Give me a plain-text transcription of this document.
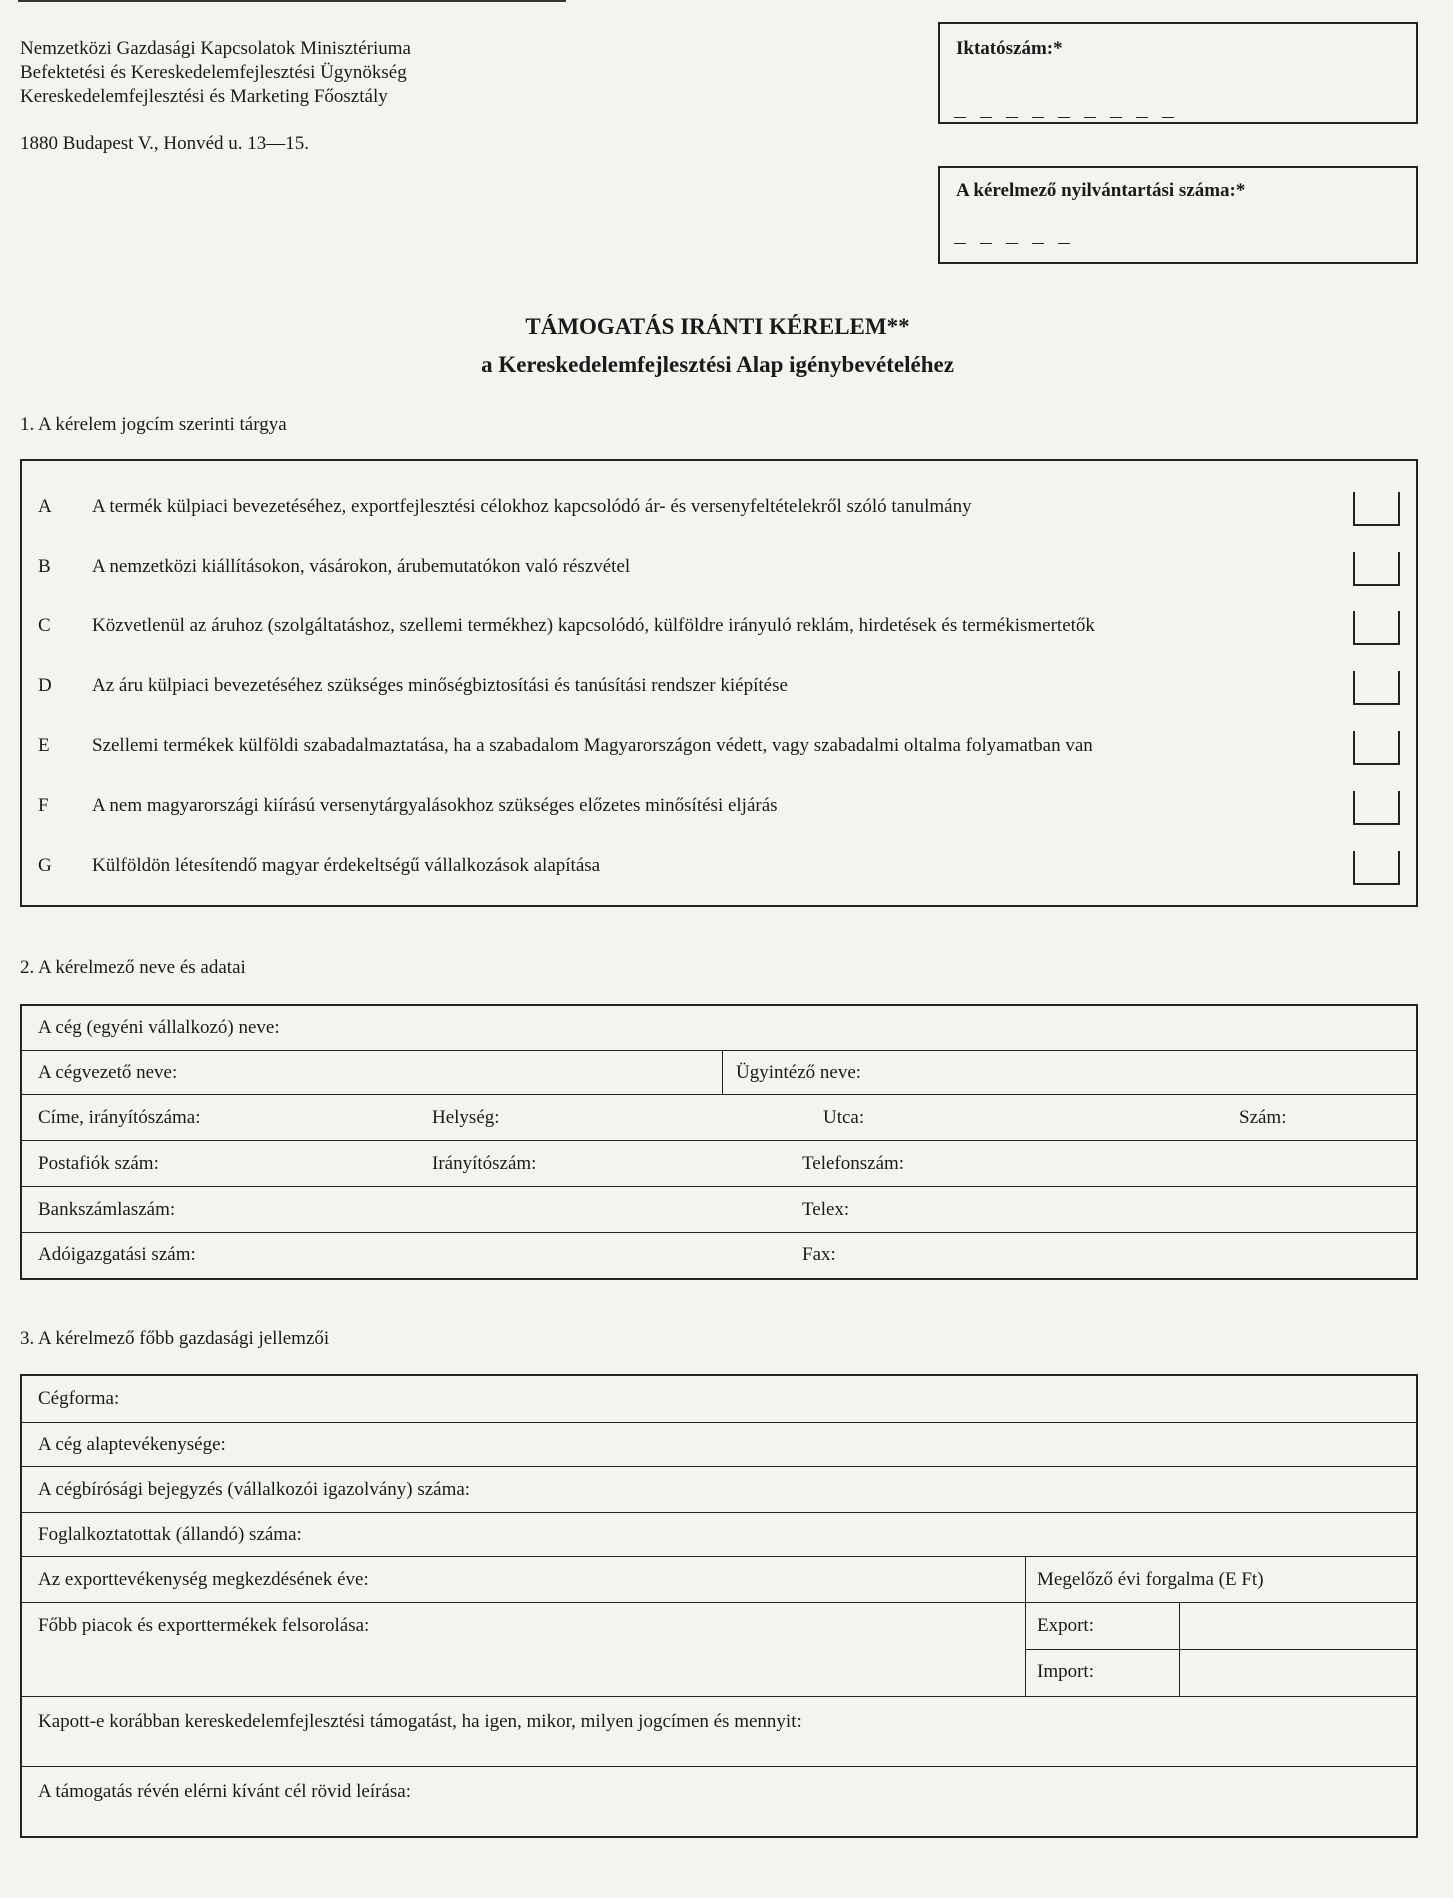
Nemzetközi Gazdasági Kapcsolatok Minisztériuma
Befektetési és Kereskedelemfejlesztési Ügynökség
Kereskedelemfejlesztési és Marketing Főosztály
1880 Budapest V., Honvéd u. 13—15.
Iktatószám:*
_ _ _ _ _ _ _ _ _
A kérelmező nyilvántartási száma:*
_ _ _ _ _
TÁMOGATÁS IRÁNTI KÉRELEM**
a Kereskedelemfejlesztési Alap igénybevételéhez
1. A kérelem jogcím szerinti tárgya
A A termék külpiaci bevezetéséhez, exportfejlesztési célokhoz kapcsolódó ár- és versenyfeltételekről szóló tanulmány
B A nemzetközi kiállításokon, vásárokon, árubemutatókon való részvétel
C Közvetlenül az áruhoz (szolgáltatáshoz, szellemi termékhez) kapcsolódó, külföldre irányuló reklám, hirdetések és termékismertetők
D Az áru külpiaci bevezetéséhez szükséges minőségbiztosítási és tanúsítási rendszer kiépítése
E Szellemi termékek külföldi szabadalmaztatása, ha a szabadalom Magyarországon védett, vagy szabadalmi oltalma folyamatban van
F A nem magyarországi kiírású versenytárgyalásokhoz szükséges előzetes minősítési eljárás
G Külföldön létesítendő magyar érdekeltségű vállalkozások alapítása
2. A kérelmező neve és adatai
A cég (egyéni vállalkozó) neve:
A cégvezető neve:	Ügyintéző neve:
Címe, irányítószáma:	Helység:	Utca:	Szám:
Postafiók szám:	Irányítószám:	Telefonszám:
Bankszámlaszám:	Telex:
Adóigazgatási szám:	Fax:
3. A kérelmező főbb gazdasági jellemzői
Cégforma:
A cég alaptevékenysége:
A cégbírósági bejegyzés (vállalkozói igazolvány) száma:
Foglalkoztatottak (állandó) száma:
Az exporttevékenység megkezdésének éve:	Megelőző évi forgalma (E Ft)
Főbb piacok és exporttermékek felsorolása:	Export:
Import:
Kapott-e korábban kereskedelemfejlesztési támogatást, ha igen, mikor, milyen jogcímen és mennyit:
A támogatás révén elérni kívánt cél rövid leírása:
